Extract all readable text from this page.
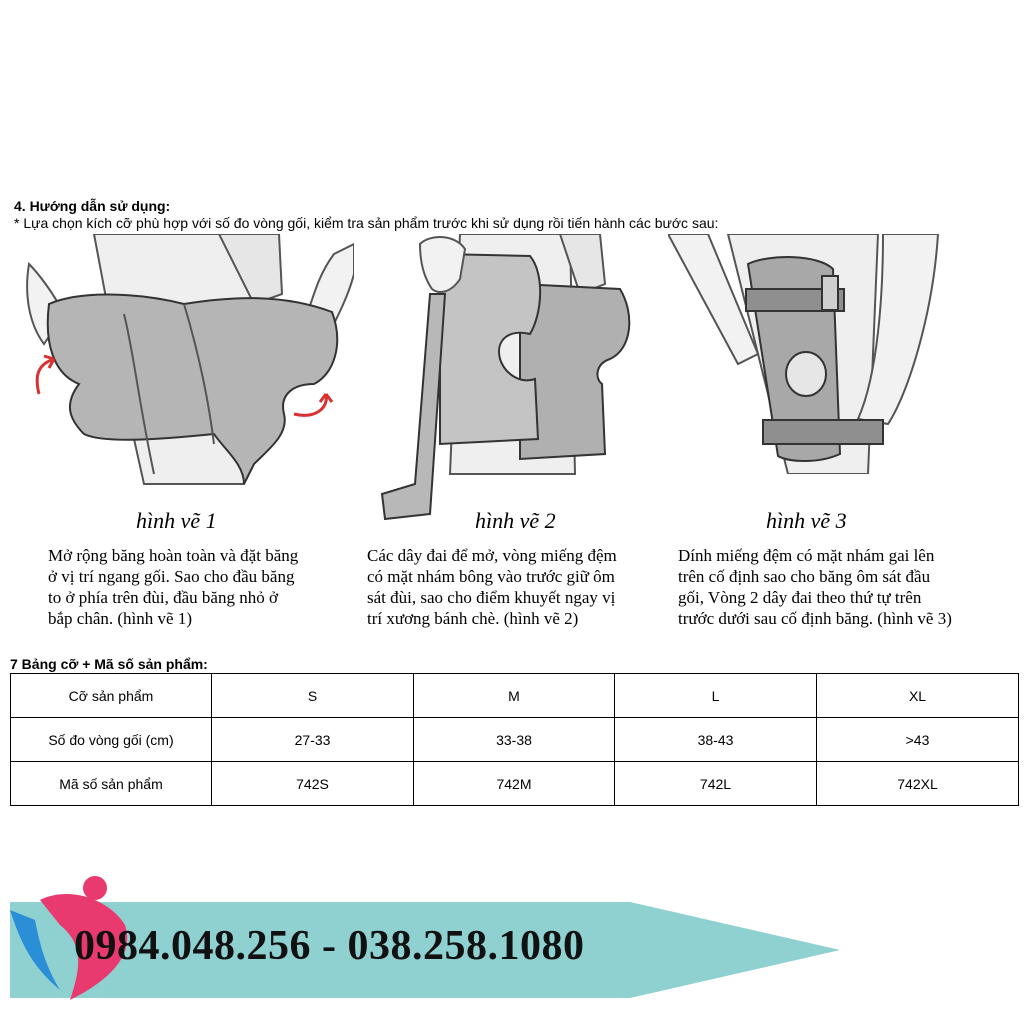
4. Hướng dẫn sử dụng:
* Lựa chọn kích cỡ phù hợp với số đo vòng gối, kiểm tra sản phẩm trước khi sử dụng rồi tiến hành các bước sau:
hình vẽ 1
Mở rộng băng hoàn toàn và đặt băng
ở vị trí ngang gối. Sao cho đầu băng
to ở phía trên đùi, đầu băng nhỏ ở
bắp chân. (hình vẽ 1)
hình vẽ 2
Các dây đai để mở, vòng miếng đệm
có mặt nhám bông vào trước giữ ôm
sát đùi, sao cho điểm khuyết ngay vị
trí xương bánh chè. (hình vẽ 2)
hình vẽ 3
Dính miếng đệm có mặt nhám gai lên
trên cố định sao cho băng ôm sát đầu
gối, Vòng 2 dây đai theo thứ tự trên
trước dưới sau cố định băng. (hình vẽ 3)
7 Bảng cỡ + Mã số sản phẩm:
Cỡ sản phẩm	S	M	L	XL
Số đo vòng gối (cm)	27-33	33-38	38-43	>43
Mã số sản phẩm	742S	742M	742L	742XL
0984.048.256 - 038.258.1080
